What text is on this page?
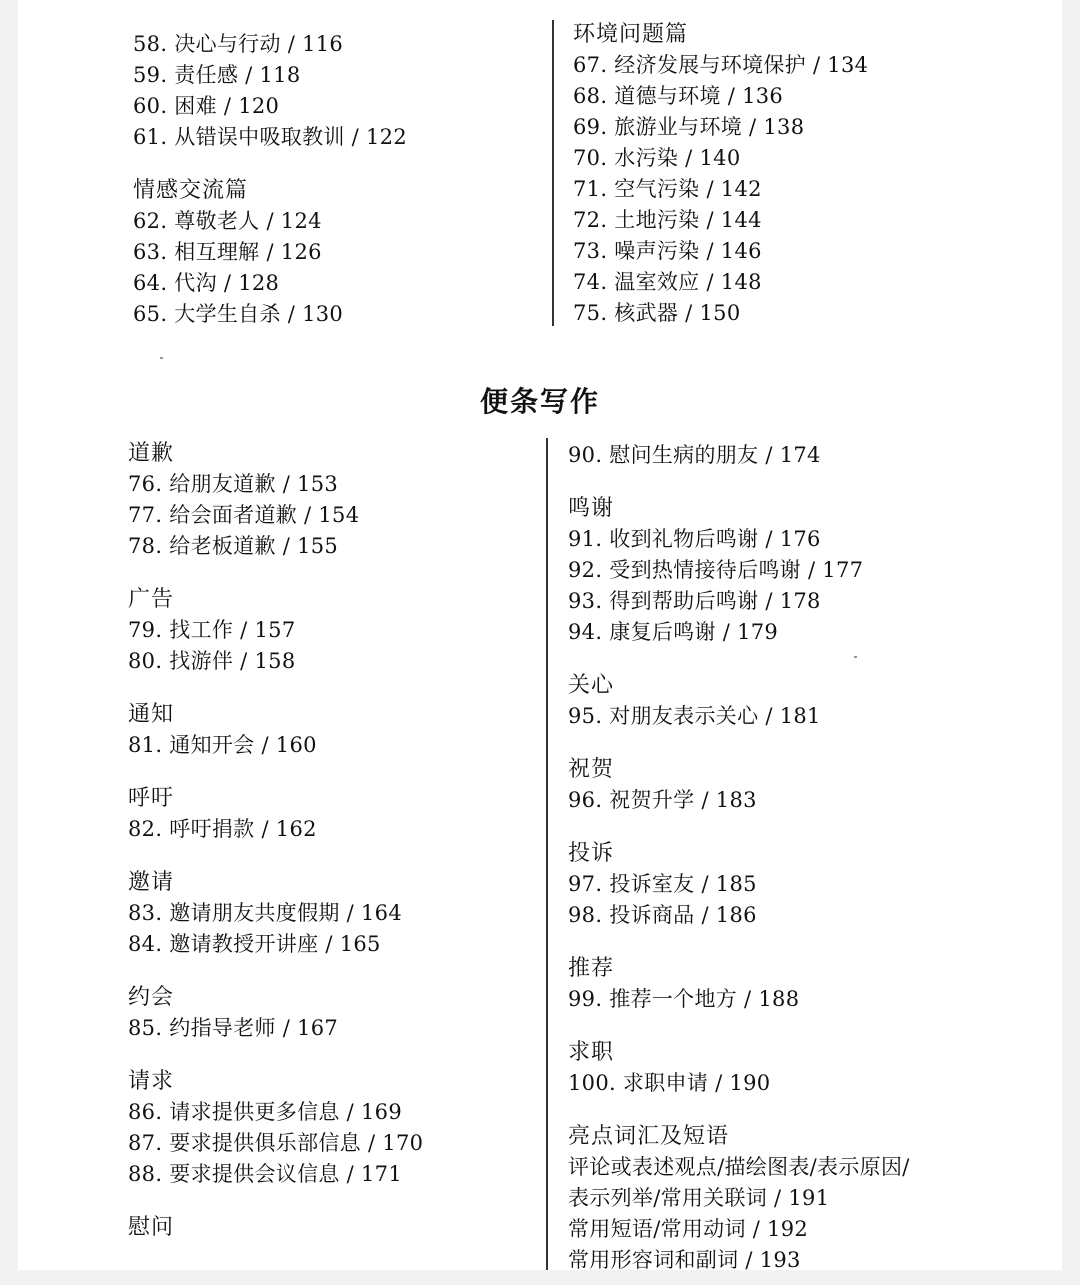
58. 决心与行动 / 116
59. 责任感 / 118
60. 困难 / 120
61. 从错误中吸取教训 / 122
情感交流篇
62. 尊敬老人 / 124
63. 相互理解 / 126
64. 代沟 / 128
65. 大学生自杀 / 130
环境问题篇
67. 经济发展与环境保护 / 134
68. 道德与环境 / 136
69. 旅游业与环境 / 138
70. 水污染 / 140
71. 空气污染 / 142
72. 土地污染 / 144
73. 噪声污染 / 146
74. 温室效应 / 148
75. 核武器 / 150
便条写作
道歉
76. 给朋友道歉 / 153
77. 给会面者道歉 / 154
78. 给老板道歉 / 155
广告
79. 找工作 / 157
80. 找游伴 / 158
通知
81. 通知开会 / 160
呼吁
82. 呼吁捐款 / 162
邀请
83. 邀请朋友共度假期 / 164
84. 邀请教授开讲座 / 165
约会
85. 约指导老师 / 167
请求
86. 请求提供更多信息 / 169
87. 要求提供俱乐部信息 / 170
88. 要求提供会议信息 / 171
慰问
90. 慰问生病的朋友 / 174
鸣谢
91. 收到礼物后鸣谢 / 176
92. 受到热情接待后鸣谢 / 177
93. 得到帮助后鸣谢 / 178
94. 康复后鸣谢 / 179
关心
95. 对朋友表示关心 / 181
祝贺
96. 祝贺升学 / 183
投诉
97. 投诉室友 / 185
98. 投诉商品 / 186
推荐
99. 推荐一个地方 / 188
求职
100. 求职申请 / 190
亮点词汇及短语
评论或表述观点/描绘图表/表示原因/
表示列举/常用关联词 / 191
常用短语/常用动词 / 192
常用形容词和副词 / 193
